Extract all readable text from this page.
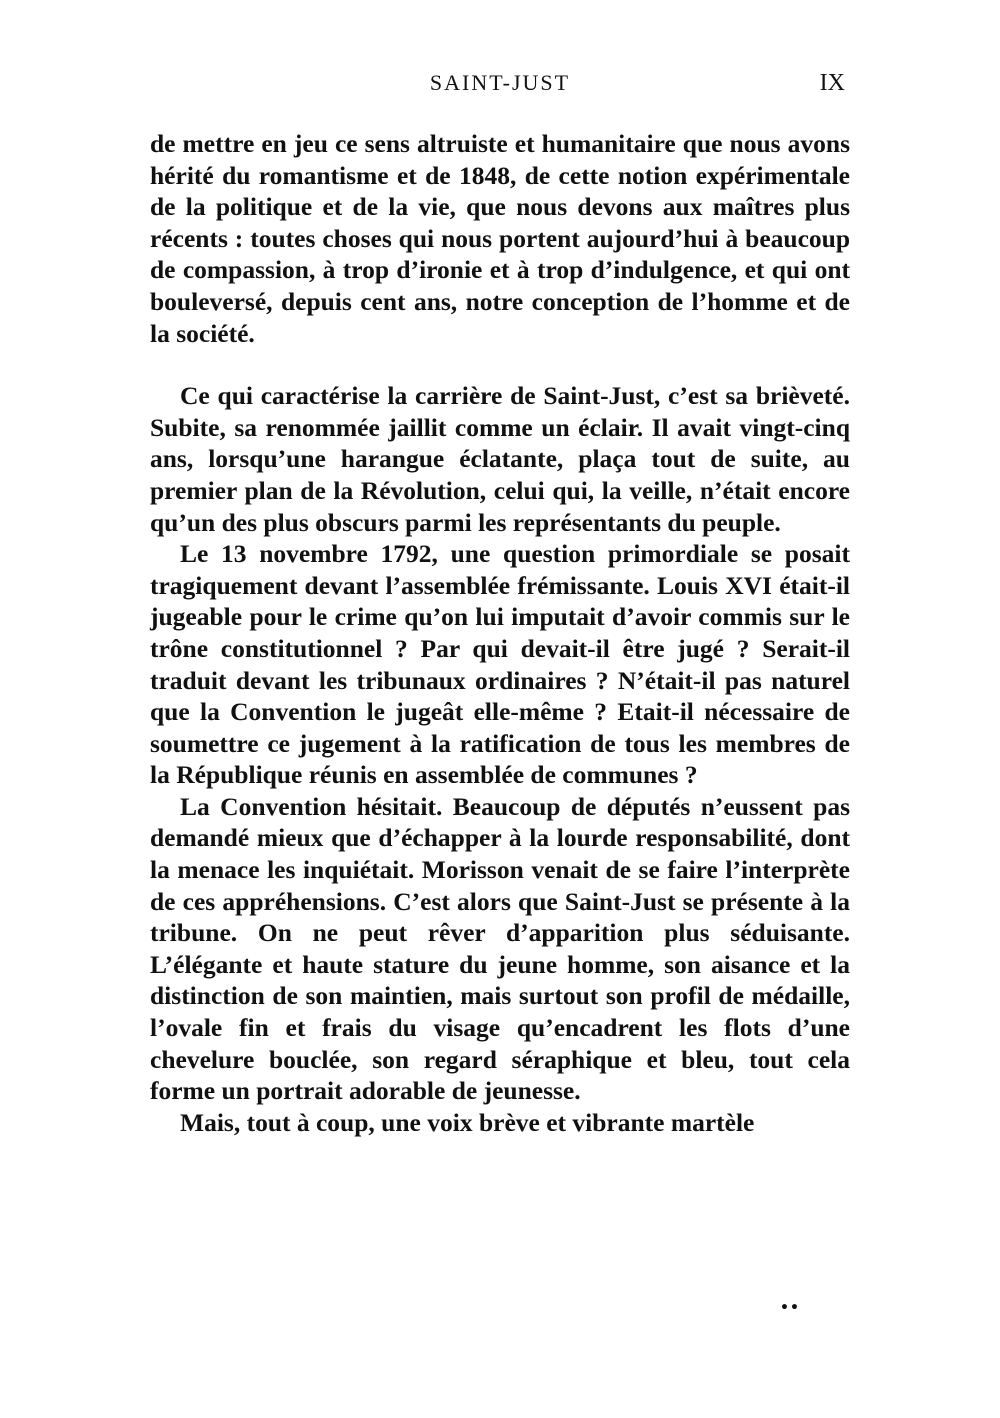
SAINT-JUST	IX

de mettre en jeu ce sens altruiste et humanitaire que nous avons hérité du romantisme et de 1848, de cette notion expérimentale de la politique et de la vie, que nous devons aux maîtres plus récents : toutes choses qui nous portent aujourd’hui à beaucoup de compassion, à trop d’ironie et à trop d’indulgence, et qui ont bouleversé, depuis cent ans, notre conception de l’homme et de la société.

Ce qui caractérise la carrière de Saint-Just, c’est sa brièveté. Subite, sa renommée jaillit comme un éclair. Il avait vingt-cinq ans, lorsqu’une harangue éclatante, plaça tout de suite, au premier plan de la Révolution, celui qui, la veille, n’était encore qu’un des plus obscurs parmi les représentants du peuple.

Le 13 novembre 1792, une question primordiale se posait tragiquement devant l’assemblée frémissante. Louis XVI était-il jugeable pour le crime qu’on lui imputait d’avoir commis sur le trône constitutionnel ? Par qui devait-il être jugé ? Serait-il traduit devant les tribunaux ordinaires ? N’était-il pas naturel que la Convention le jugeât elle-même ? Etait-il nécessaire de soumettre ce jugement à la ratification de tous les membres de la République réunis en assemblée de communes ?

La Convention hésitait. Beaucoup de députés n’eussent pas demandé mieux que d’échapper à la lourde responsabilité, dont la menace les inquiétait. Morisson venait de se faire l’interprète de ces appréhensions. C’est alors que Saint-Just se présente à la tribune. On ne peut rêver d’apparition plus séduisante. L’élégante et haute stature du jeune homme, son aisance et la distinction de son maintien, mais surtout son profil de médaille, l’ovale fin et frais du visage qu’encadrent les flots d’une chevelure bouclée, son regard séraphique et bleu, tout cela forme un portrait adorable de jeunesse.

Mais, tout à coup, une voix brève et vibrante martèle

••
